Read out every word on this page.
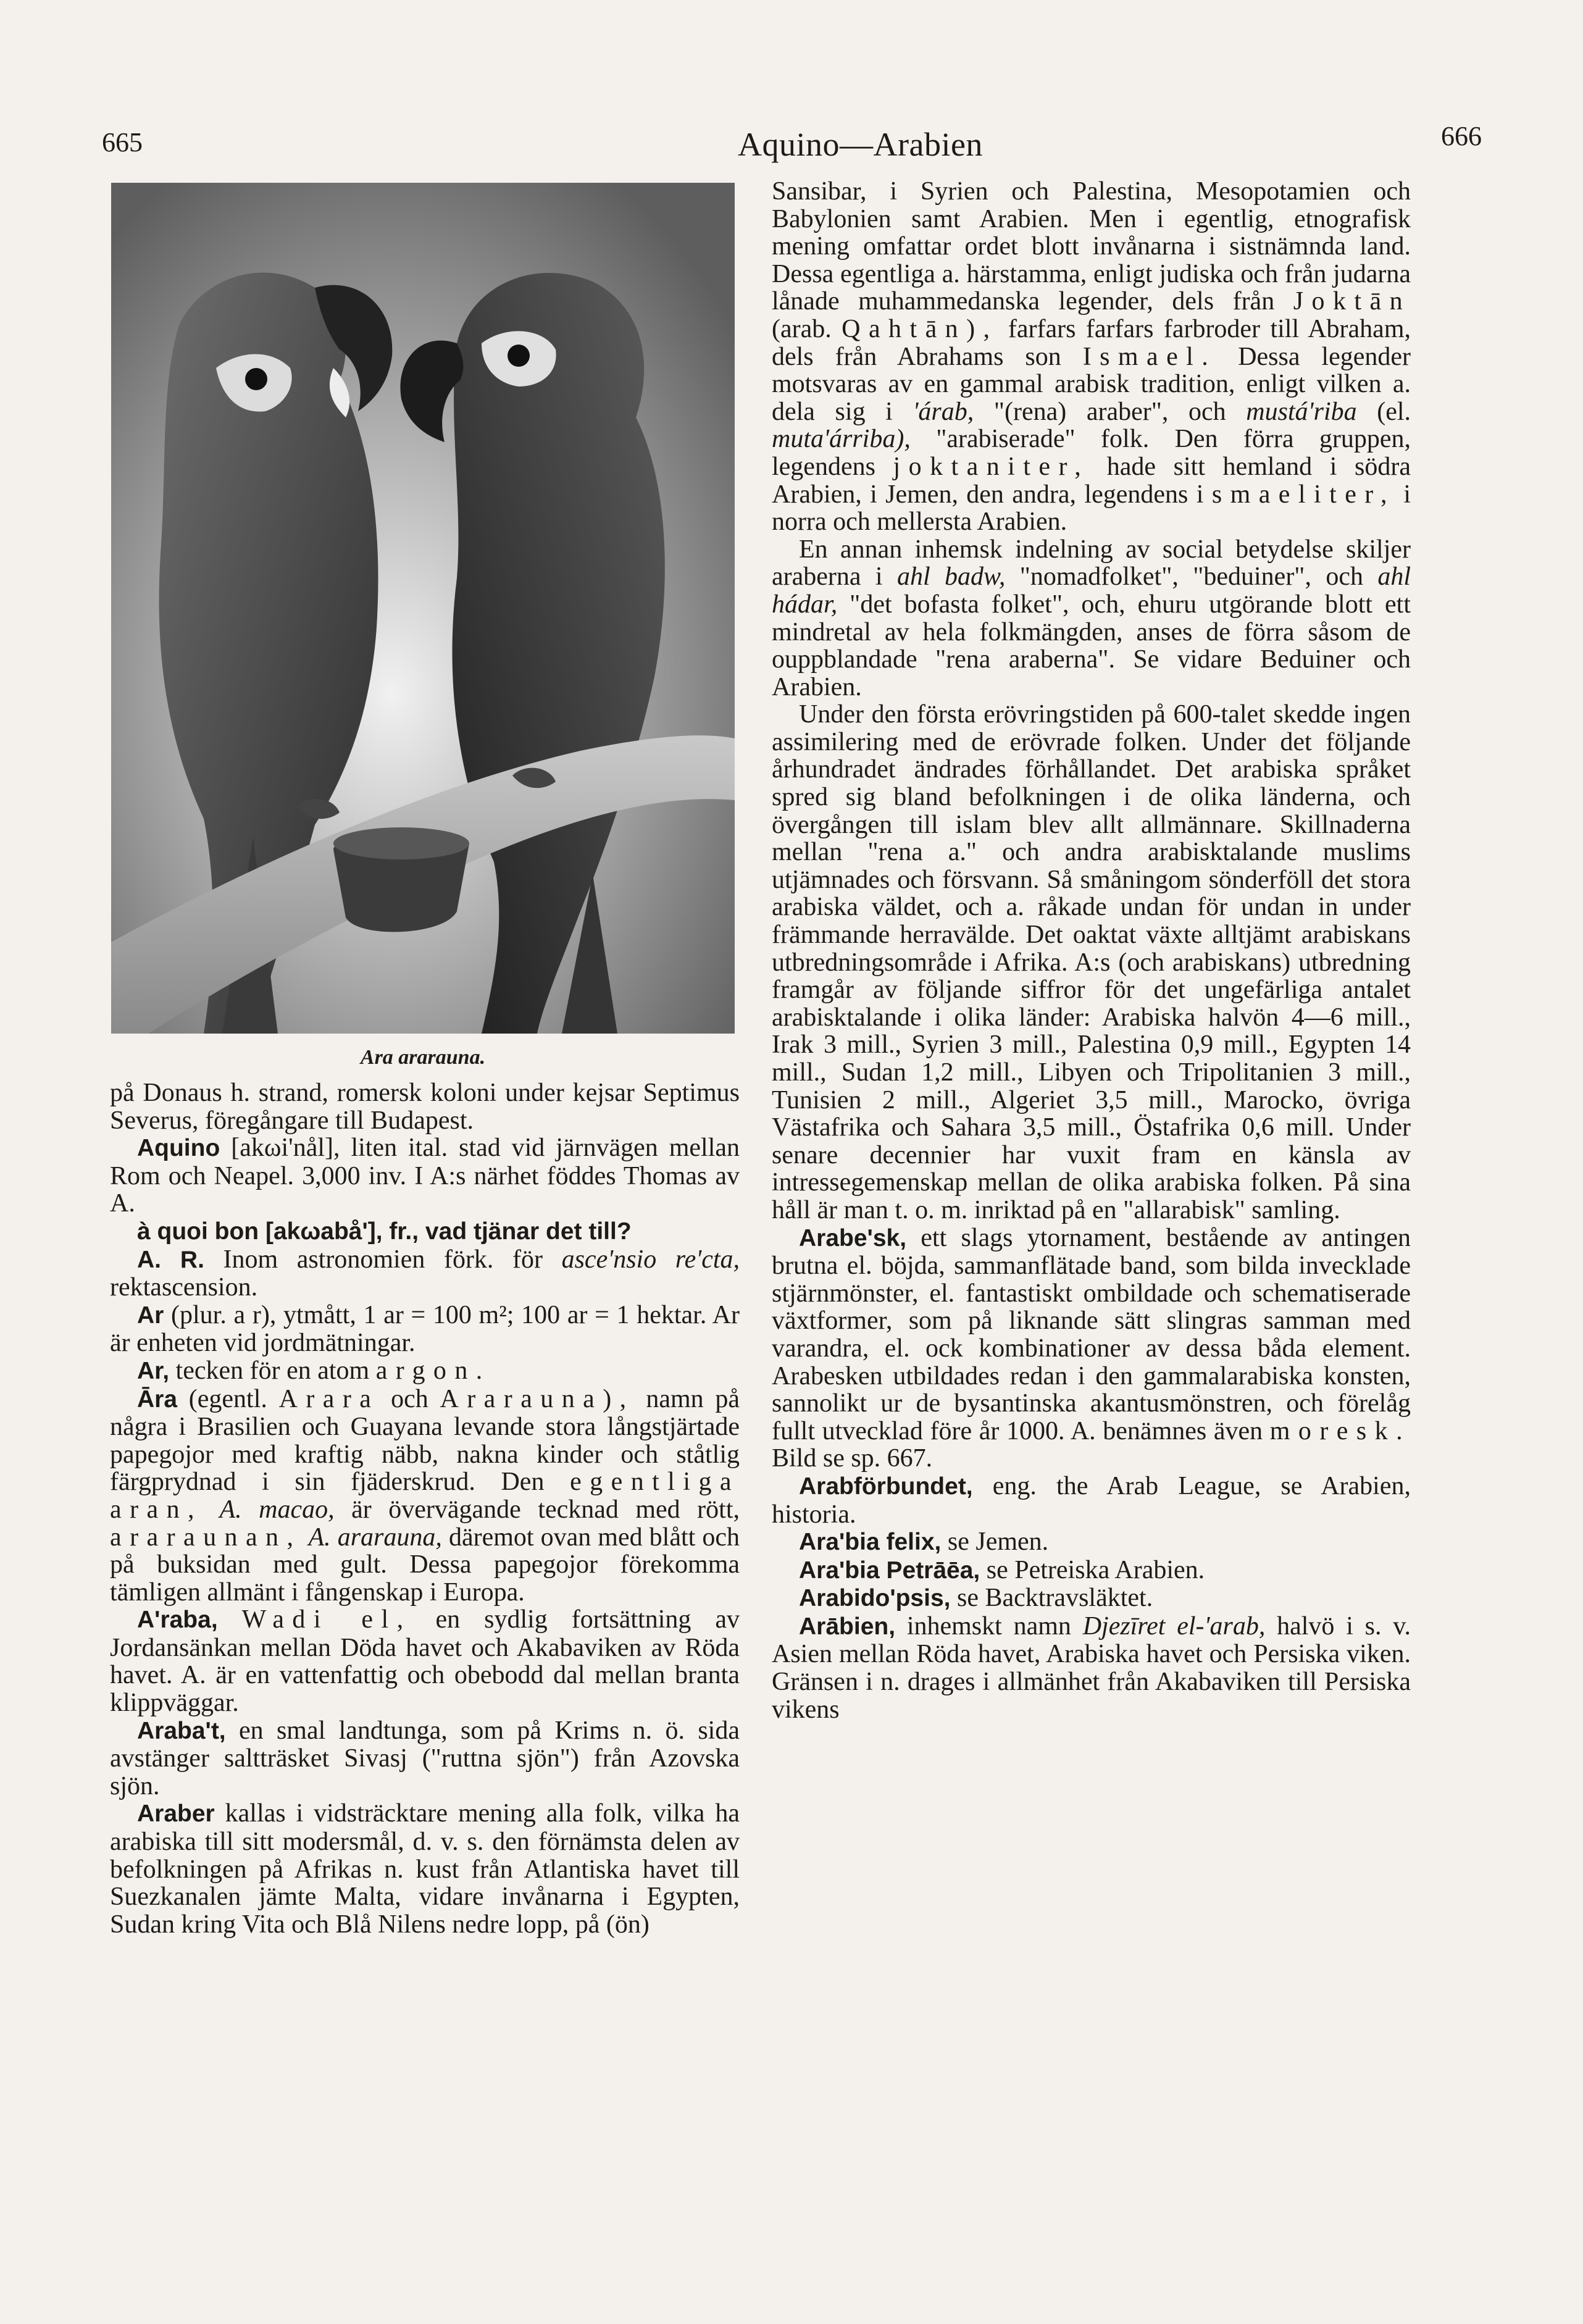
665	Aquino—Arabien	666
Ara ararauna.

på Donaus h. strand, romersk koloni under kejsar Septimus Severus, föregångare till Budapest.

Aquino [akωi'nål], liten ital. stad vid järnvägen mellan Rom och Neapel. 3,000 inv. I A:s närhet föddes Thomas av A.

à quoi bon [akωabå'], fr., vad tjänar det till?

A. R. Inom astronomien förk. för asce'nsio re'cta, rektascension.

Ar (plur. a r), ytmått, 1 ar = 100 m²; 100 ar = 1 hektar. Ar är enheten vid jordmätningar.

Ar, tecken för en atom argon.

Āra (egentl. Arara och Ararauna), namn på några i Brasilien och Guayana levande stora långstjärtade papegojor med kraftig näbb, nakna kinder och ståtlig färgprydnad i sin fjäderskrud. Den egentliga aran, A. macao, är övervägande tecknad med rött, araraunan, A. ararauna, däremot ovan med blått och på buksidan med gult. Dessa papegojor förekomma tämligen allmänt i fångenskap i Europa.

A'raba, Wadi el, en sydlig fortsättning av Jordansänkan mellan Döda havet och Akabaviken av Röda havet. A. är en vattenfattig och obebodd dal mellan branta klippväggar.

Araba't, en smal landtunga, som på Krims n. ö. sida avstänger saltträsket Sivasj ("ruttna sjön") från Azovska sjön.

Araber kallas i vidsträcktare mening alla folk, vilka ha arabiska till sitt modersmål, d. v. s. den förnämsta delen av befolkningen på Afrikas n. kust från Atlantiska havet till Suezkanalen jämte Malta, vidare invånarna i Egypten, Sudan kring Vita och Blå Nilens nedre lopp, på (ön)

Sansibar, i Syrien och Palestina, Mesopotamien och Babylonien samt Arabien. Men i egentlig, etnografisk mening omfattar ordet blott invånarna i sistnämnda land. Dessa egentliga a. härstamma, enligt judiska och från judarna lånade muhammedanska legender, dels från Joktān (arab. Qahtān), farfars farfars farbroder till Abraham, dels från Abrahams son Ismael. Dessa legender motsvaras av en gammal arabisk tradition, enligt vilken a. dela sig i 'árab, "(rena) araber", och mustá'riba (el. muta'árriba), "arabiserade" folk. Den förra gruppen, legendens joktaniter, hade sitt hemland i södra Arabien, i Jemen, den andra, legendens ismaeliter, i norra och mellersta Arabien.

En annan inhemsk indelning av social betydelse skiljer araberna i ahl badw, "nomadfolket", "beduiner", och ahl hádar, "det bofasta folket", och, ehuru utgörande blott ett mindretal av hela folkmängden, anses de förra såsom de ouppblandade "rena araberna". Se vidare Beduiner och Arabien.

Under den första erövringstiden på 600-talet skedde ingen assimilering med de erövrade folken. Under det följande århundradet ändrades förhållandet. Det arabiska språket spred sig bland befolkningen i de olika länderna, och övergången till islam blev allt allmännare. Skillnaderna mellan "rena a." och andra arabisktalande muslims utjämnades och försvann. Så småningom sönderföll det stora arabiska väldet, och a. råkade undan för undan in under främmande herravälde. Det oaktat växte alltjämt arabiskans utbredningsområde i Afrika. A:s (och arabiskans) utbredning framgår av följande siffror för det ungefärliga antalet arabisktalande i olika länder: Arabiska halvön 4—6 mill., Irak 3 mill., Syrien 3 mill., Palestina 0,9 mill., Egypten 14 mill., Sudan 1,2 mill., Libyen och Tripolitanien 3 mill., Tunisien 2 mill., Algeriet 3,5 mill., Marocko, övriga Västafrika och Sahara 3,5 mill., Östafrika 0,6 mill. Under senare decennier har vuxit fram en känsla av intressegemenskap mellan de olika arabiska folken. På sina håll är man t. o. m. inriktad på en "allarabisk" samling.

Arabe'sk, ett slags ytornament, bestående av antingen brutna el. böjda, sammanflätade band, som bilda invecklade stjärnmönster, el. fantastiskt ombildade och schematiserade växtformer, som på liknande sätt slingras samman med varandra, el. ock kombinationer av dessa båda element. Arabesken utbildades redan i den gammalarabiska konsten, sannolikt ur de bysantinska akantusmönstren, och förelåg fullt utvecklad före år 1000. A. benämnes även moresk. Bild se sp. 667.

Arabförbundet, eng. the Arab League, se Arabien, historia.

Ara'bia felix, se Jemen.

Ara'bia Petrāēa, se Petreiska Arabien.

Arabido'psis, se Backtravsläktet.

Arābien, inhemskt namn Djezīret el-'arab, halvö i s. v. Asien mellan Röda havet, Arabiska havet och Persiska viken. Gränsen i n. drages i allmänhet från Akabaviken till Persiska vikens
